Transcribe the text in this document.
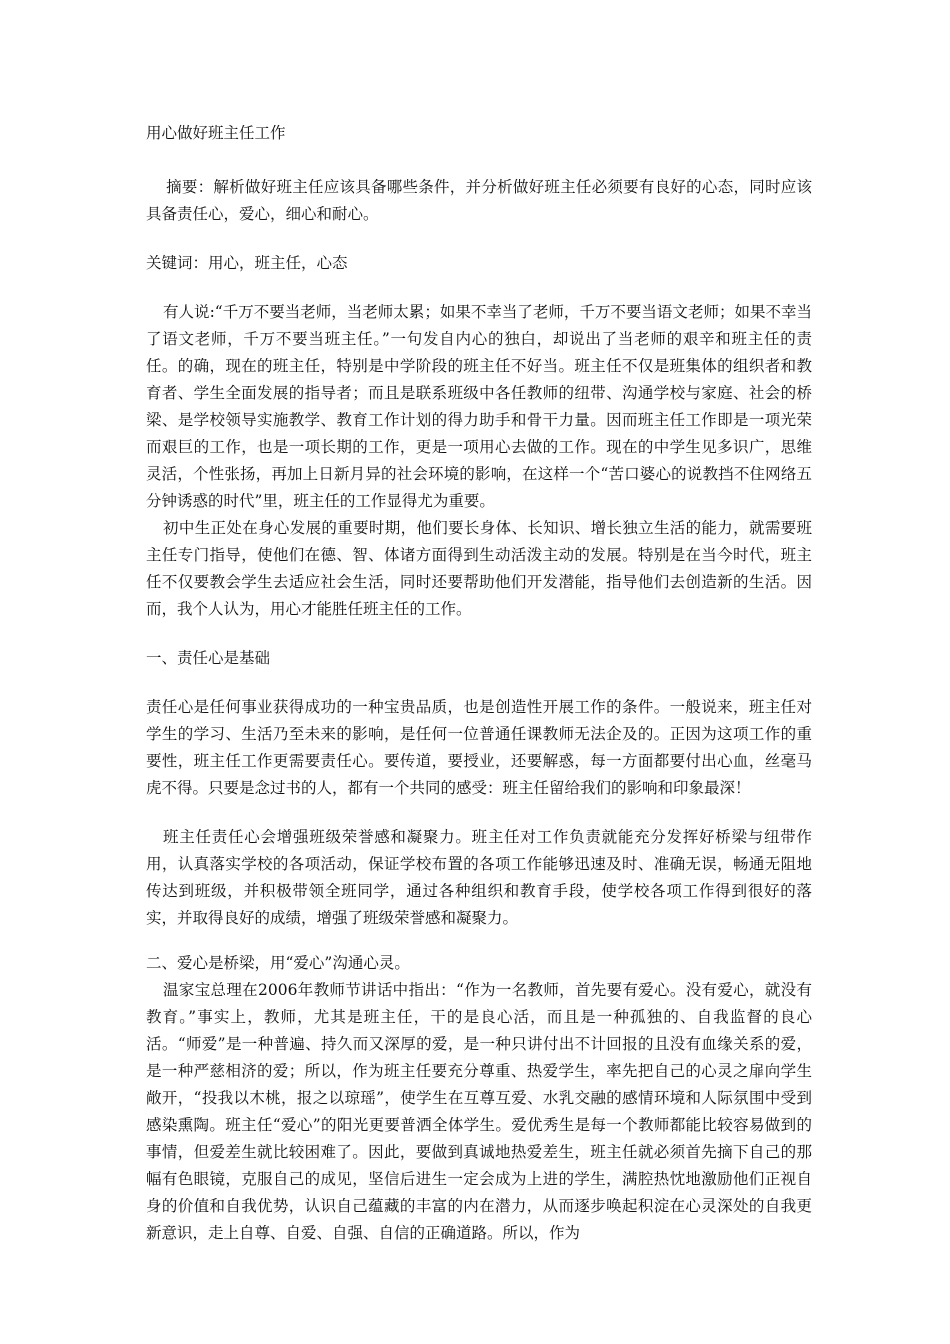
用心做好班主任工作

摘要：解析做好班主任应该具备哪些条件，并分析做好班主任必须要有良好的心态，同时应该具备责任心，爱心，细心和耐心。

关键词：用心，班主任，心态

有人说:“千万不要当老师，当老师太累；如果不幸当了老师，千万不要当语文老师；如果不幸当了语文老师，千万不要当班主任。”一句发自内心的独白，却说出了当老师的艰辛和班主任的责任。的确，现在的班主任，特别是中学阶段的班主任不好当。班主任不仅是班集体的组织者和教育者、学生全面发展的指导者；而且是联系班级中各任教师的纽带、沟通学校与家庭、社会的桥梁、是学校领导实施教学、教育工作计划的得力助手和骨干力量。因而班主任工作即是一项光荣而艰巨的工作，也是一项长期的工作，更是一项用心去做的工作。现在的中学生见多识广，思维灵活，个性张扬，再加上日新月异的社会环境的影响，在这样一个“苦口婆心的说教挡不住网络五分钟诱惑的时代”里，班主任的工作显得尤为重要。

初中生正处在身心发展的重要时期，他们要长身体、长知识、增长独立生活的能力，就需要班主任专门指导，使他们在德、智、体诸方面得到生动活泼主动的发展。特别是在当今时代，班主任不仅要教会学生去适应社会生活，同时还要帮助他们开发潜能，指导他们去创造新的生活。因而，我个人认为，用心才能胜任班主任的工作。

一、责任心是基础

责任心是任何事业获得成功的一种宝贵品质，也是创造性开展工作的条件。一般说来，班主任对学生的学习、生活乃至未来的影响，是任何一位普通任课教师无法企及的。正因为这项工作的重要性，班主任工作更需要责任心。要传道，要授业，还要解惑，每一方面都要付出心血，丝毫马虎不得。只要是念过书的人，都有一个共同的感受：班主任留给我们的影响和印象最深！

班主任责任心会增强班级荣誉感和凝聚力。班主任对工作负责就能充分发挥好桥梁与纽带作用，认真落实学校的各项活动，保证学校布置的各项工作能够迅速及时、准确无误，畅通无阻地传达到班级，并积极带领全班同学，通过各种组织和教育手段，使学校各项工作得到很好的落实，并取得良好的成绩，增强了班级荣誉感和凝聚力。

二、爱心是桥梁，用“爱心”沟通心灵。

温家宝总理在2006年教师节讲话中指出：“作为一名教师，首先要有爱心。没有爱心，就没有教育。”事实上，教师，尤其是班主任，干的是良心活，而且是一种孤独的、自我监督的良心活。“师爱”是一种普遍、持久而又深厚的爱，是一种只讲付出不计回报的且没有血缘关系的爱，是一种严慈相济的爱；所以，作为班主任要充分尊重、热爱学生，率先把自己的心灵之扉向学生敞开，“投我以木桃，报之以琼瑶”，使学生在互尊互爱、水乳交融的感情环境和人际氛围中受到感染熏陶。班主任“爱心”的阳光更要普洒全体学生。爱优秀生是每一个教师都能比较容易做到的事情，但爱差生就比较困难了。因此，要做到真诚地热爱差生，班主任就必须首先摘下自己的那幅有色眼镜，克服自己的成见，坚信后进生一定会成为上进的学生，满腔热忱地激励他们正视自身的价值和自我优势，认识自己蕴藏的丰富的内在潜力，从而逐步唤起积淀在心灵深处的自我更新意识，走上自尊、自爱、自强、自信的正确道路。所以，作为
